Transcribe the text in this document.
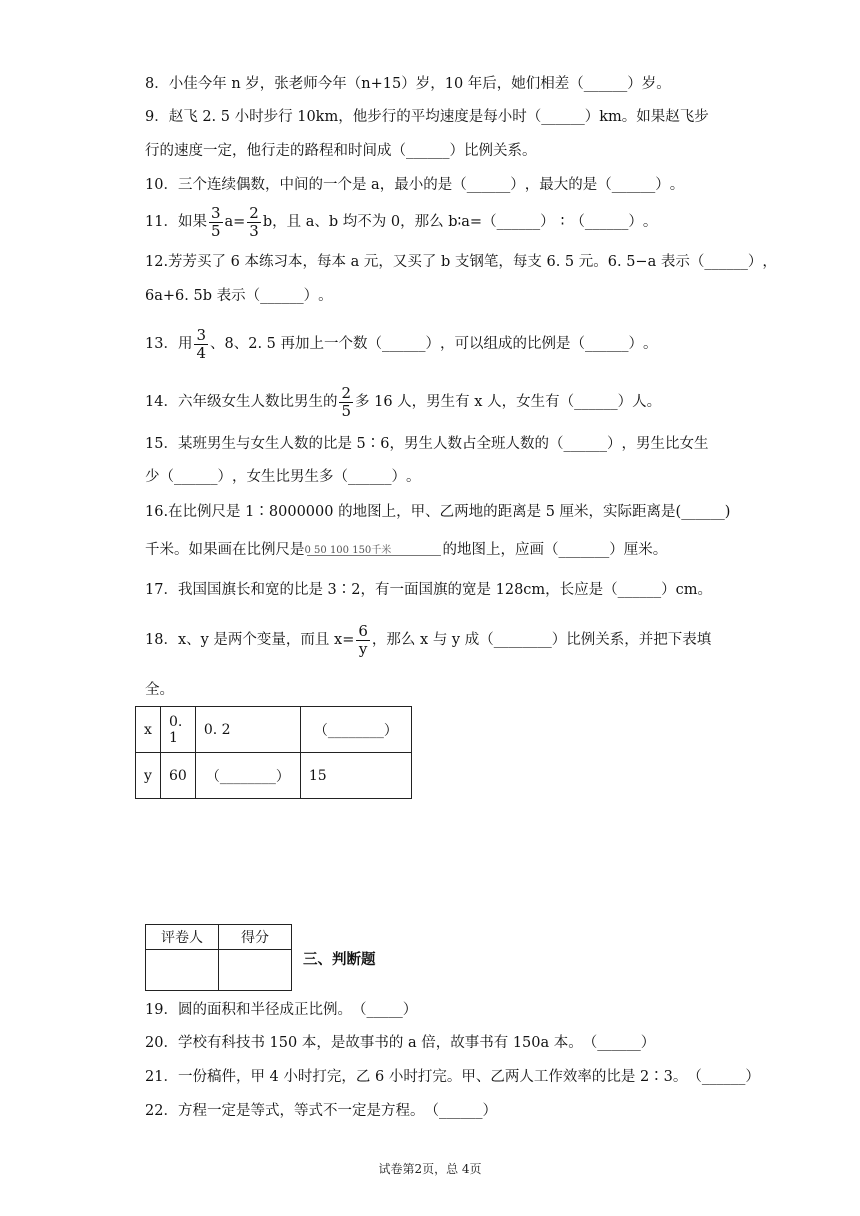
8．小佳今年 n 岁，张老师今年（n+15）岁，10 年后，她们相差（______）岁。
9．赵飞 2. 5 小时步行 10km，他步行的平均速度是每小时（______）km。如果赵飞步
行的速度一定，他行走的路程和时间成（______）比例关系。
10．三个连续偶数，中间的一个是 a，最小的是（______），最大的是（______）。
11．如果 $\frac{3}{5} a= \frac{2}{3}$ b，且 a、b 均不为 0，那么 b∶a=（______） ∶ （______）。
12.芳芳买了 6 本练习本，每本 a 元，又买了 b 支钢笔，每支 6. 5 元。6. 5−a 表示（______），
6a+6. 5b 表示（______）。
13．用 $\frac{3}{4}$ 、8、2. 5 再加上一个数（______），可以组成的比例是（______）。
14．六年级女生人数比男生的 $\frac{2}{5}$ 多 16 人，男生有 x 人，女生有（______）人。
15．某班男生与女生人数的比是 5∶6，男生人数占全班人数的（______），男生比女生
少（______），女生比男生多（______）。
16.在比例尺是 1∶8000000 的地图上，甲、乙两地的距离是 5 厘米，实际距离是(______)
千米。如果画在比例尺是 0 50 100 150千米	的地图上，应画（_______）厘米。
17．我国国旗长和宽的比是 3∶2，有一面国旗的宽是 128cm，长应是（______）cm。
18．x、y 是两个变量，而且 $x= \frac{6}{y}$ ，那么 x 与 y 成（________）比例关系，并把下表填
全。
x	0. 1	0. 2	（________）
y	60	（________）	15
评卷人	得分

三、判断题
19．圆的面积和半径成正比例。（_____）
20．学校有科技书 150 本，是故事书的 a 倍，故事书有 150a 本。（______）
21．一份稿件，甲 4 小时打完，乙 6 小时打完。甲、乙两人工作效率的比是 2∶3。（______）
22．方程一定是等式，等式不一定是方程。（______）
试卷第2页，总 4页
